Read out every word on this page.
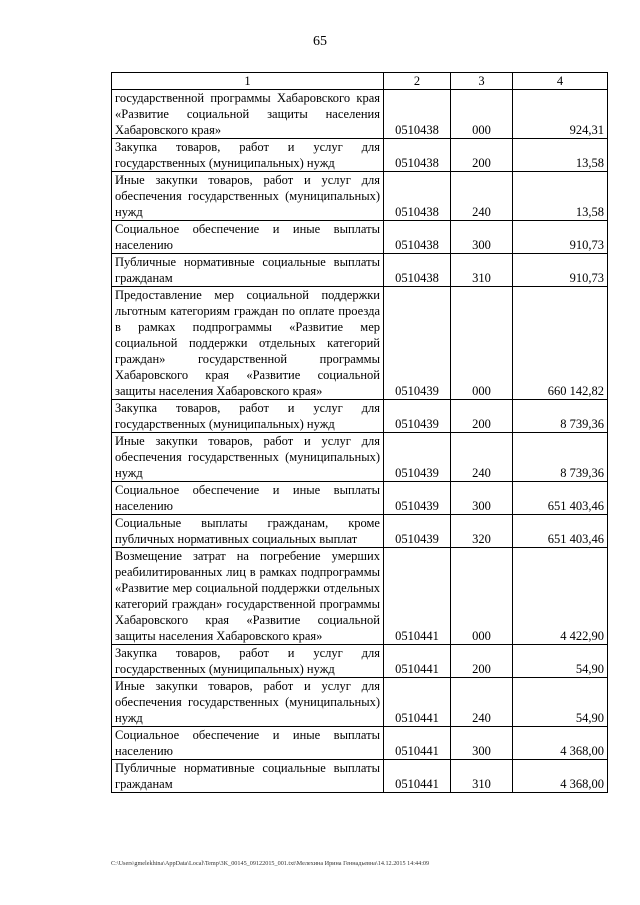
65
1	2	3	4
государственной программы Хабаровского края «Развитие социальной защиты населения Хабаровского края»	0510438	000	924,31
Закупка товаров, работ и услуг для государственных (муниципальных) нужд	0510438	200	13,58
Иные закупки товаров, работ и услуг для обеспечения государственных (муниципальных) нужд	0510438	240	13,58
Социальное обеспечение и иные выплаты населению	0510438	300	910,73
Публичные нормативные социальные выплаты гражданам	0510438	310	910,73
Предоставление мер социальной поддержки льготным категориям граждан по оплате проезда в рамках подпрограммы «Развитие мер социальной поддержки отдельных категорий граждан» государственной программы Хабаровского края «Развитие социальной защиты населения Хабаровского края»	0510439	000	660 142,82
Закупка товаров, работ и услуг для государственных (муниципальных) нужд	0510439	200	8 739,36
Иные закупки товаров, работ и услуг для обеспечения государственных (муниципальных) нужд	0510439	240	8 739,36
Социальное обеспечение и иные выплаты населению	0510439	300	651 403,46
Социальные выплаты гражданам, кроме публичных нормативных социальных выплат	0510439	320	651 403,46
Возмещение затрат на погребение умерших реабилитированных лиц в рамках подпрограммы «Развитие мер социальной поддержки отдельных категорий граждан» государственной программы Хабаровского края «Развитие социальной защиты населения Хабаровского края»	0510441	000	4 422,90
Закупка товаров, работ и услуг для государственных (муниципальных) нужд	0510441	200	54,90
Иные закупки товаров, работ и услуг для обеспечения государственных (муниципальных) нужд	0510441	240	54,90
Социальное обеспечение и иные выплаты населению	0510441	300	4 368,00
Публичные нормативные социальные выплаты гражданам	0510441	310	4 368,00
C:\Users\gmelekhina\AppData\Local\Temp\3K_00145_09122015_001.txt\Мелехина Ирина Геннадьевна\14.12.2015 14:44:09
